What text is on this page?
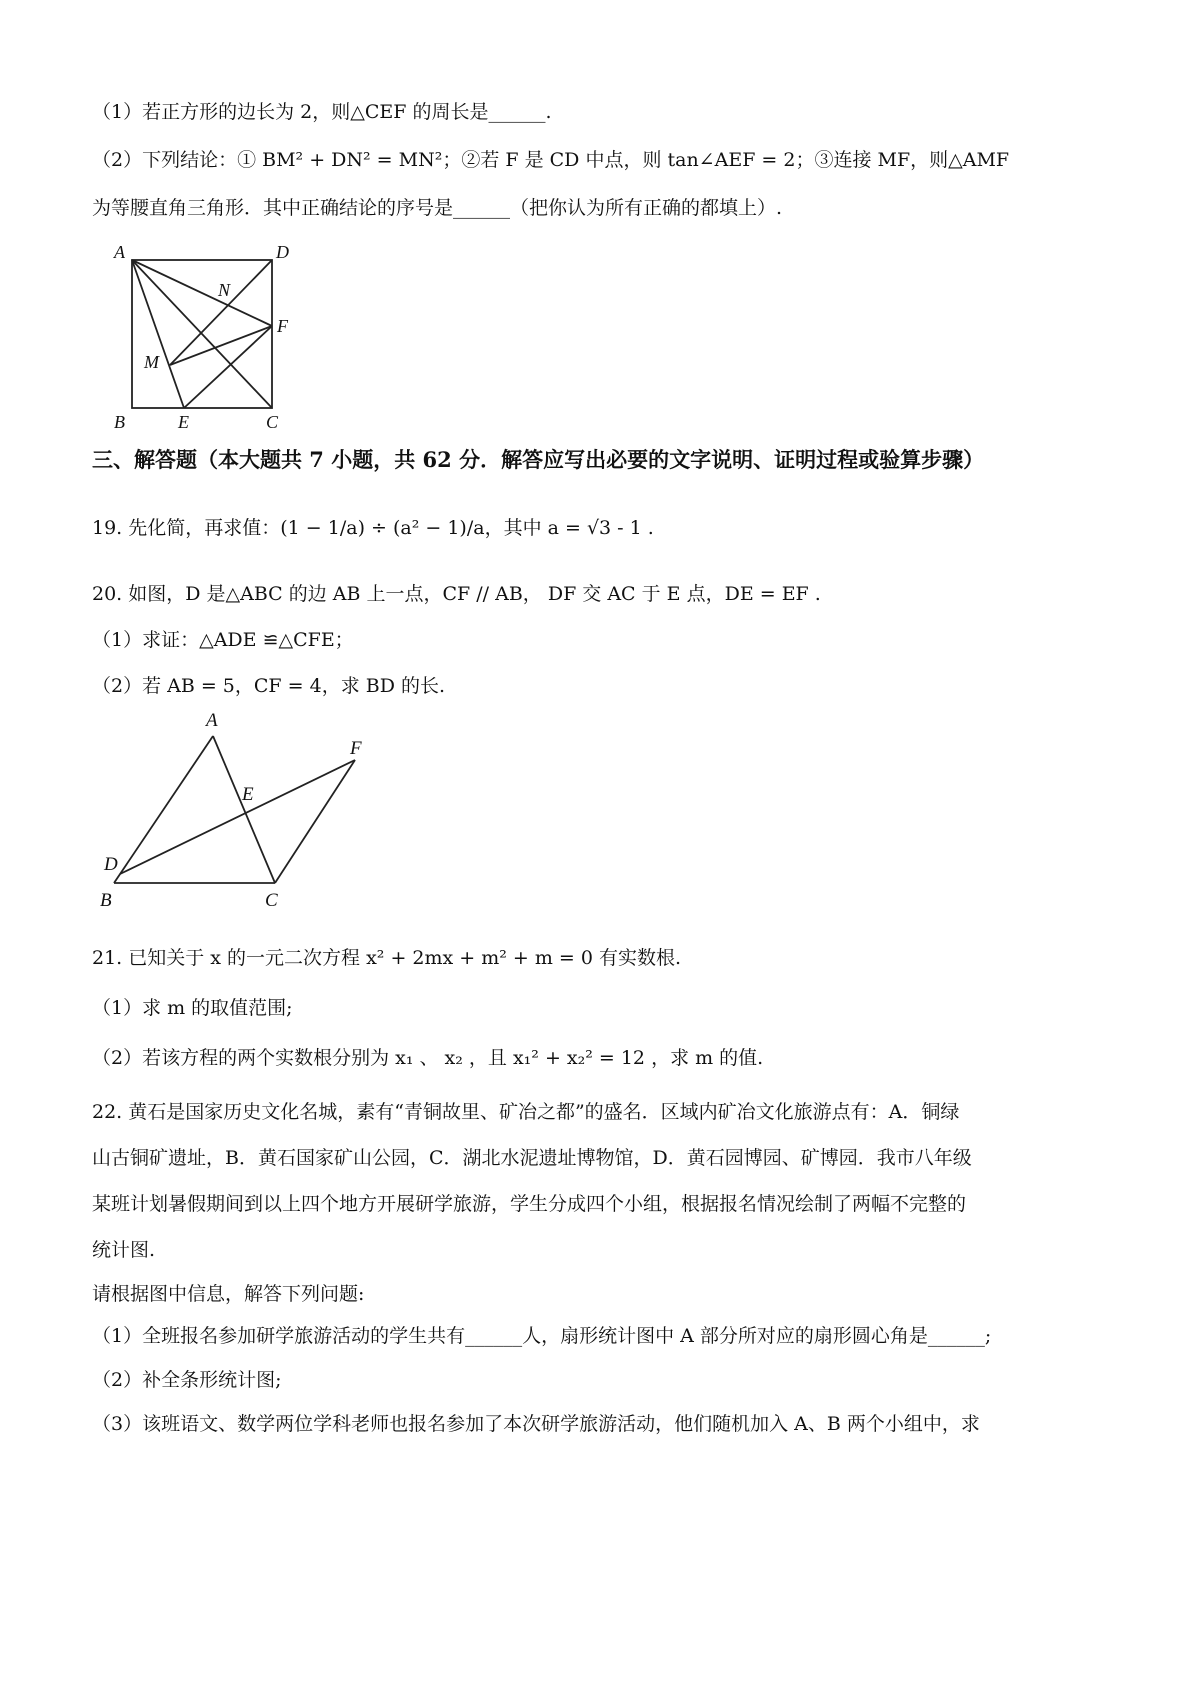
（1）若正方形的边长为 2，则△CEF 的周长是______.
（2）下列结论：① BM² + DN² = MN²；②若 F 是 CD 中点，则 tan∠AEF = 2；③连接 MF，则△AMF
为等腰直角三角形．其中正确结论的序号是______（把你认为所有正确的都填上）.
A	D
N
F
M
B	E	C
三、解答题（本大题共 7 小题，共 62 分．解答应写出必要的文字说明、证明过程或验算步骤）
19. 先化简，再求值：(1 − 1/a) ÷ (a² − 1)/a，其中 a = √3 - 1 .
20. 如图，D 是△ABC 的边 AB 上一点，CF // AB， DF 交 AC 于 E 点，DE = EF .
（1）求证：△ADE ≌△CFE；
（2）若 AB = 5，CF = 4，求 BD 的长.
A
F
E
D
B	C
21. 已知关于 x 的一元二次方程 x² + 2mx + m² + m = 0 有实数根.
（1）求 m 的取值范围;
（2）若该方程的两个实数根分别为 x₁ 、 x₂ ，且 x₁² + x₂² = 12 ，求 m 的值.
22. 黄石是国家历史文化名城，素有“青铜故里、矿冶之都”的盛名．区域内矿冶文化旅游点有：A．铜绿
山古铜矿遗址，B．黄石国家矿山公园，C．湖北水泥遗址博物馆，D．黄石园博园、矿博园．我市八年级
某班计划暑假期间到以上四个地方开展研学旅游，学生分成四个小组，根据报名情况绘制了两幅不完整的
统计图.
请根据图中信息，解答下列问题:
（1）全班报名参加研学旅游活动的学生共有______人，扇形统计图中 A 部分所对应的扇形圆心角是______;
（2）补全条形统计图;
（3）该班语文、数学两位学科老师也报名参加了本次研学旅游活动，他们随机加入 A、B 两个小组中，求
